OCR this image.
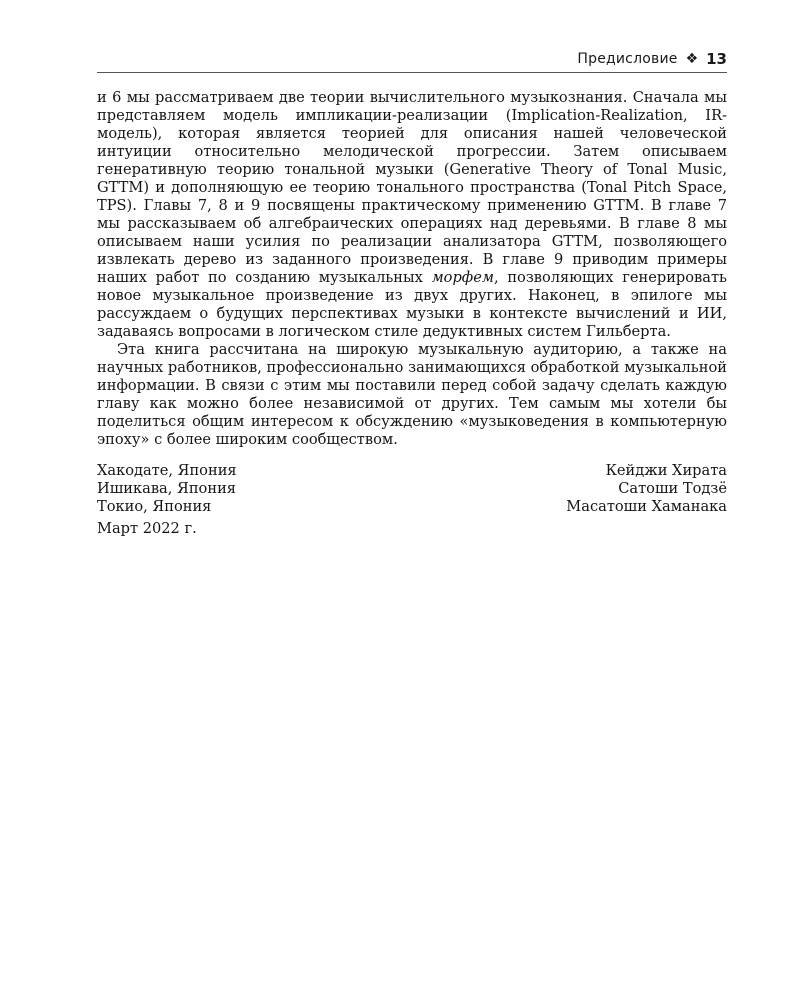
Предисловие ❖ 13

и 6 мы рассматриваем две теории вычислительного музыкознания. Сначала мы представляем модель импликации-реализации (Implication-Realization, IR-модель), которая является теорией для описания нашей человеческой интуиции относительно мелодической прогрессии. Затем описываем генеративную теорию тональной музыки (Generative Theory of Tonal Music, GTTM) и дополняющую ее теорию тонального пространства (Tonal Pitch Space, TPS). Главы 7, 8 и 9 посвящены практическому применению GTTM. В главе 7 мы рассказываем об алгебраических операциях над деревьями. В главе 8 мы описываем наши усилия по реализации анализатора GTTM, позволяющего извлекать дерево из заданного произведения. В главе 9 приводим примеры наших работ по созданию музыкальных морфем, позволяющих генерировать новое музыкальное произведение из двух других. Наконец, в эпилоге мы рассуждаем о будущих перспективах музыки в контексте вычислений и ИИ, задаваясь вопросами в логическом стиле дедуктивных систем Гильберта.

Эта книга рассчитана на широкую музыкальную аудиторию, а также на научных работников, профессионально занимающихся обработкой музыкальной информации. В связи с этим мы поставили перед собой задачу сделать каждую главу как можно более независимой от других. Тем самым мы хотели бы поделиться общим интересом к обсуждению «музыковедения в компьютерную эпоху» с более широким сообществом.

Хакодате, Япония
Ишикава, Япония
Токио, Япония
Кейджи Хирата
Сатоши Тодзё
Масатоши Хаманака
Март 2022 г.
